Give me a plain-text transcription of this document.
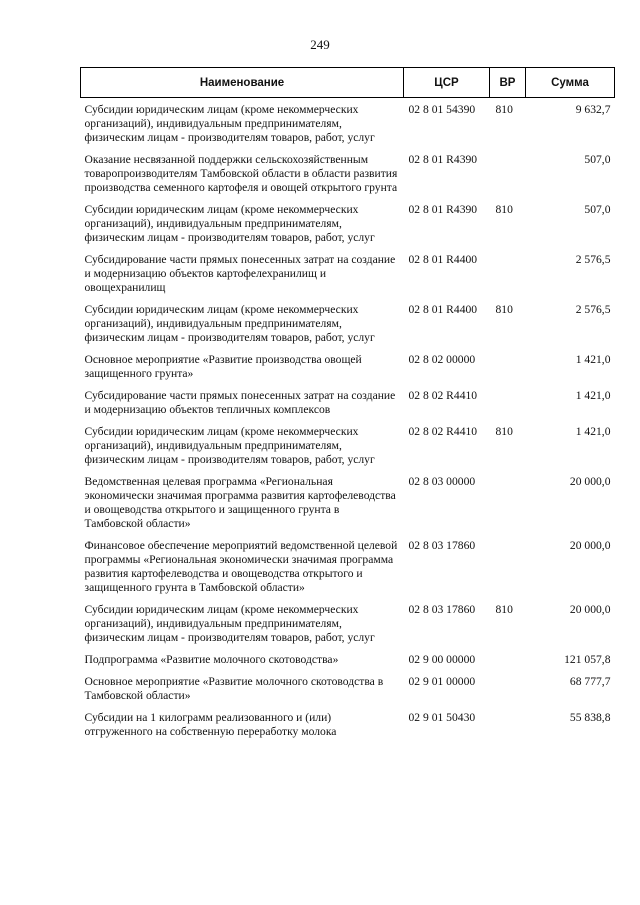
249
Наименование	ЦСР	ВР	Сумма
Субсидии юридическим лицам (кроме некоммерческих организаций), индивидуальным предпринимателям, физическим лицам - производителям товаров, работ, услуг	02 8 01 54390	810	9 632,7
Оказание несвязанной поддержки сельскохозяйственным товаропроизводителям Тамбовской области в области развития производства семенного картофеля и овощей открытого грунта	02 8 01 R4390		507,0
Субсидии юридическим лицам (кроме некоммерческих организаций), индивидуальным предпринимателям, физическим лицам - производителям товаров, работ, услуг	02 8 01 R4390	810	507,0
Субсидирование части прямых понесенных затрат на создание и модернизацию объектов картофелехранилищ и овощехранилищ	02 8 01 R4400		2 576,5
Субсидии юридическим лицам (кроме некоммерческих организаций), индивидуальным предпринимателям, физическим лицам - производителям товаров, работ, услуг	02 8 01 R4400	810	2 576,5
Основное мероприятие «Развитие производства овощей защищенного грунта»	02 8 02 00000		1 421,0
Субсидирование части прямых понесенных затрат на создание и модернизацию объектов тепличных комплексов	02 8 02 R4410		1 421,0
Субсидии юридическим лицам (кроме некоммерческих организаций), индивидуальным предпринимателям, физическим лицам - производителям товаров, работ, услуг	02 8 02 R4410	810	1 421,0
Ведомственная целевая программа «Региональная экономически значимая программа развития картофелеводства и овощеводства открытого и защищенного грунта в Тамбовской области»	02 8 03 00000		20 000,0
Финансовое обеспечение мероприятий ведомственной целевой программы «Региональная экономически значимая программа развития картофелеводства и овощеводства открытого и защищенного грунта в Тамбовской области»	02 8 03 17860		20 000,0
Субсидии юридическим лицам (кроме некоммерческих организаций), индивидуальным предпринимателям, физическим лицам - производителям товаров, работ, услуг	02 8 03 17860	810	20 000,0
Подпрограмма «Развитие молочного скотоводства»	02 9 00 00000		121 057,8
Основное мероприятие «Развитие молочного скотоводства в Тамбовской области»	02 9 01 00000		68 777,7
Субсидии на 1 килограмм реализованного и (или) отгруженного на собственную переработку молока	02 9 01 50430		55 838,8
